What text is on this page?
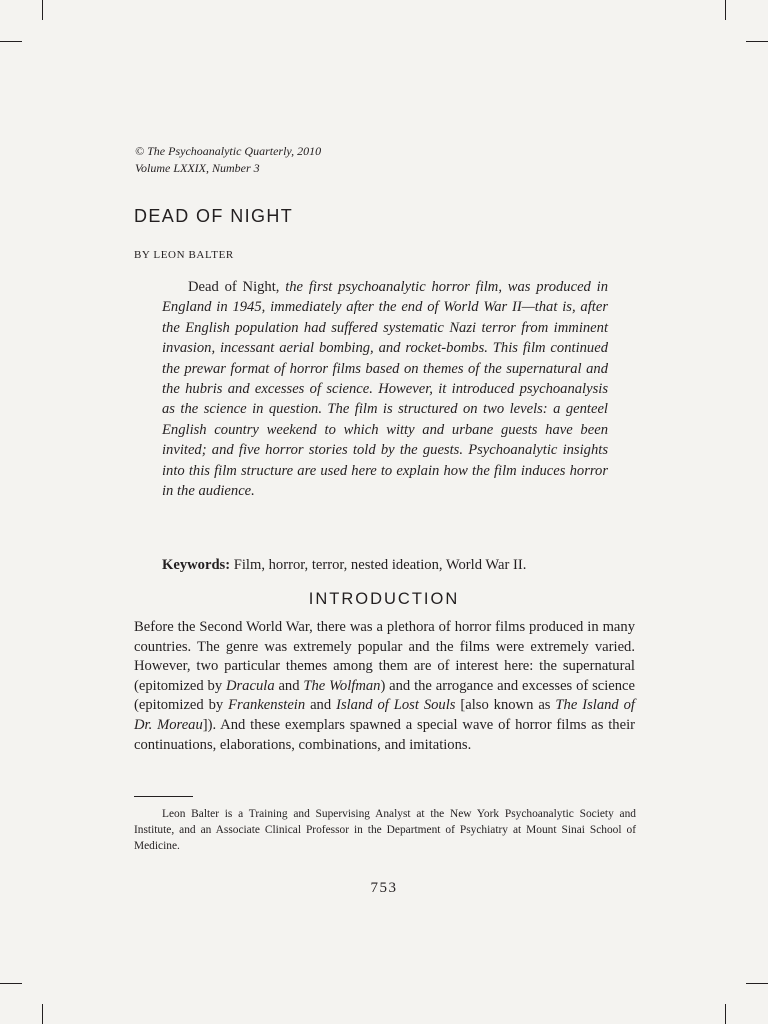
© The Psychoanalytic Quarterly, 2010
Volume LXXIX, Number 3
DEAD OF NIGHT
BY LEON BALTER

Dead of Night, the first psychoanalytic horror film, was produced in England in 1945, immediately after the end of World War II—that is, after the English population had suffered systematic Nazi terror from imminent invasion, incessant aerial bombing, and rocket-bombs. This film continued the prewar format of horror films based on themes of the supernatural and the hubris and excesses of science. However, it introduced psychoanalysis as the science in question. The film is structured on two levels: a genteel English country weekend to which witty and urbane guests have been invited; and five horror stories told by the guests. Psychoanalytic insights into this film structure are used here to explain how the film induces horror in the audience.

Keywords: Film, horror, terror, nested ideation, World War II.
INTRODUCTION

Before the Second World War, there was a plethora of horror films produced in many countries. The genre was extremely popular and the films were extremely varied. However, two particular themes among them are of interest here: the supernatural (epitomized by Dracula and The Wolfman) and the arrogance and excesses of science (epitomized by Frankenstein and Island of Lost Souls [also known as The Island of Dr. Moreau]). And these exemplars spawned a special wave of horror films as their continuations, elaborations, combinations, and imitations.

Leon Balter is a Training and Supervising Analyst at the New York Psychoanalytic Society and Institute, and an Associate Clinical Professor in the Department of Psychiatry at Mount Sinai School of Medicine.

753
